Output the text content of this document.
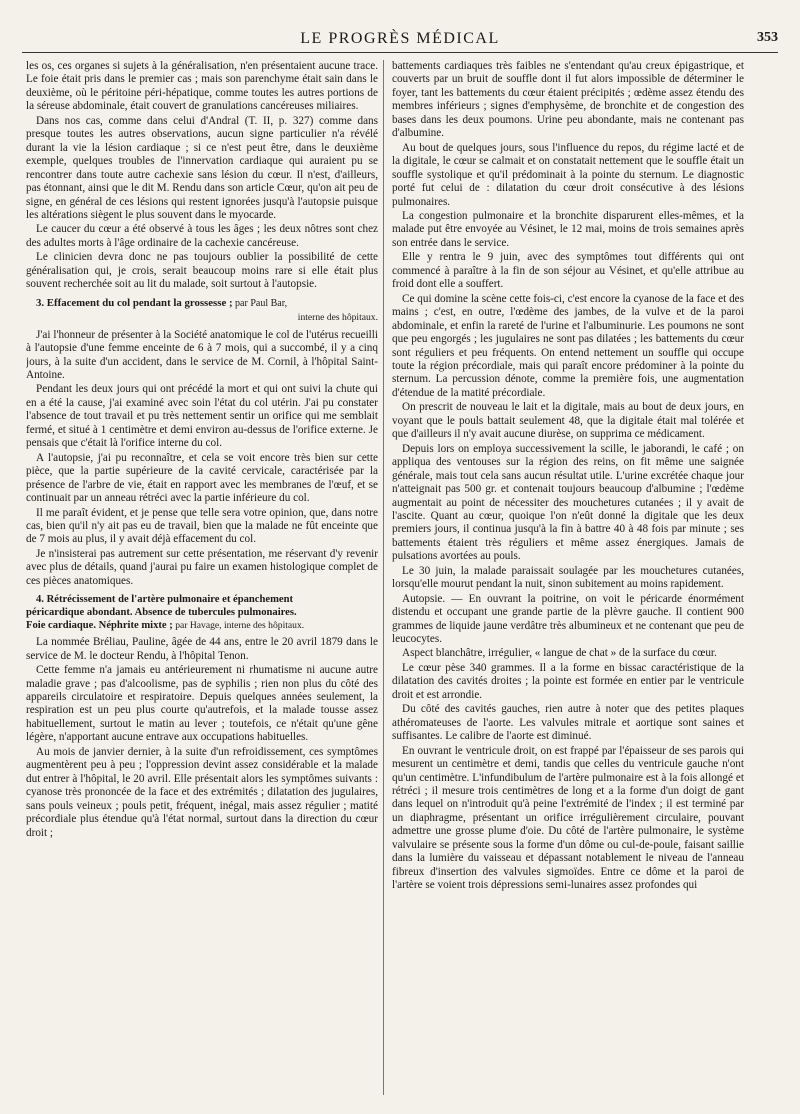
LE PROGRÈS MÉDICAL	353

les os, ces organes si sujets à la généralisation, n'en présentaient aucune trace. Le foie était pris dans le premier cas ; mais son parenchyme était sain dans le deuxième, où le péritoine péri-hépatique, comme toutes les autres portions de la séreuse abdominale, était couvert de granulations cancéreuses miliaires.

Dans nos cas, comme dans celui d'Andral (T. II, p. 327) comme dans presque toutes les autres observations, aucun signe particulier n'a révélé durant la vie la lésion cardiaque ; si ce n'est peut être, dans le deuxième exemple, quelques troubles de l'innervation cardiaque qui auraient pu se rencontrer dans toute autre cachexie sans lésion du cœur. Il n'est, d'ailleurs, pas étonnant, ainsi que le dit M. Rendu dans son article Cœur, qu'on ait peu de signe, en général de ces lésions qui restent ignorées jusqu'à l'autopsie puisque les altérations siègent le plus souvent dans le myocarde.

Le caucer du cœur a été observé à tous les âges ; les deux nôtres sont chez des adultes morts à l'âge ordinaire de la cachexie cancéreuse.

Le clinicien devra donc ne pas toujours oublier la possibilité de cette généralisation qui, je crois, serait beaucoup moins rare si elle était plus souvent recherchée soit au lit du malade, soit surtout à l'autopsie.

3. Effacement du col pendant la grossesse ; par Paul Bar,
interne des hôpitaux.

J'ai l'honneur de présenter à la Société anatomique le col de l'utérus recueilli à l'autopsie d'une femme enceinte de 6 à 7 mois, qui a succombé, il y a cinq jours, à la suite d'un accident, dans le service de M. Cornil, à l'hôpital Saint-Antoine.

Pendant les deux jours qui ont précédé la mort et qui ont suivi la chute qui en a été la cause, j'ai examiné avec soin l'état du col utérin. J'ai pu constater l'absence de tout travail et pu très nettement sentir un orifice qui me semblait fermé, et situé à 1 centimètre et demi environ au-dessus de l'orifice externe. Je pensais que c'était là l'orifice interne du col.

A l'autopsie, j'ai pu reconnaître, et cela se voit encore très bien sur cette pièce, que la partie supérieure de la cavité cervicale, caractérisée par la présence de l'arbre de vie, était en rapport avec les membranes de l'œuf, et se continuait par un anneau rétréci avec la partie inférieure du col.

Il me paraît évident, et je pense que telle sera votre opinion, que, dans notre cas, bien qu'il n'y ait pas eu de travail, bien que la malade ne fût enceinte que de 7 mois au plus, il y avait déjà effacement du col.

Je n'insisterai pas autrement sur cette présentation, me réservant d'y revenir avec plus de détails, quand j'aurai pu faire un examen histologique complet de ces pièces anatomiques.

4. Rétrécissement de l'artère pulmonaire et épanchement
péricardique abondant. Absence de tubercules pulmonaires.
Foie cardiaque. Néphrite mixte ; par Havage, interne des hôpitaux.

La nommée Bréliau, Pauline, âgée de 44 ans, entre le 20 avril 1879 dans le service de M. le docteur Rendu, à l'hôpital Tenon.

Cette femme n'a jamais eu antérieurement ni rhumatisme ni aucune autre maladie grave ; pas d'alcoolisme, pas de syphilis ; rien non plus du côté des appareils circulatoire et respiratoire. Depuis quelques années seulement, la respiration est un peu plus courte qu'autrefois, et la malade tousse assez habituellement, surtout le matin au lever ; toutefois, ce n'était qu'une gêne légère, n'apportant aucune entrave aux occupations habituelles.

Au mois de janvier dernier, à la suite d'un refroidissement, ces symptômes augmentèrent peu à peu ; l'oppression devint assez considérable et la malade dut entrer à l'hôpital, le 20 avril. Elle présentait alors les symptômes suivants : cyanose très prononcée de la face et des extrémités ; dilatation des jugulaires, sans pouls veineux ; pouls petit, fréquent, inégal, mais assez régulier ; matité précordiale plus étendue qu'à l'état normal, surtout dans la direction du cœur droit ;

battements cardiaques très faibles ne s'entendant qu'au creux épigastrique, et couverts par un bruit de souffle dont il fut alors impossible de déterminer le foyer, tant les battements du cœur étaient précipités ; œdème assez étendu des membres inférieurs ; signes d'emphysème, de bronchite et de congestion des bases dans les deux poumons. Urine peu abondante, mais ne contenant pas d'albumine.

Au bout de quelques jours, sous l'influence du repos, du régime lacté et de la digitale, le cœur se calmait et on constatait nettement que le souffle était un souffle systolique et qu'il prédominait à la pointe du sternum. Le diagnostic porté fut celui de : dilatation du cœur droit consécutive à des lésions pulmonaires.

La congestion pulmonaire et la bronchite disparurent elles-mêmes, et la malade put être envoyée au Vésinet, le 12 mai, moins de trois semaines après son entrée dans le service.

Elle y rentra le 9 juin, avec des symptômes tout différents qui ont commencé à paraître à la fin de son séjour au Vésinet, et qu'elle attribue au froid dont elle a souffert.

Ce qui domine la scène cette fois-ci, c'est encore la cyanose de la face et des mains ; c'est, en outre, l'œdème des jambes, de la vulve et de la paroi abdominale, et enfin la rareté de l'urine et l'albuminurie. Les poumons ne sont que peu engorgés ; les jugulaires ne sont pas dilatées ; les battements du cœur sont réguliers et peu fréquents. On entend nettement un souffle qui occupe toute la région précordiale, mais qui paraît encore prédominer à la pointe du sternum. La percussion dénote, comme la première fois, une augmentation d'étendue de la matité précordiale.

On prescrit de nouveau le lait et la digitale, mais au bout de deux jours, en voyant que le pouls battait seulement 48, que la digitale était mal tolérée et que d'ailleurs il n'y avait aucune diurèse, on supprima ce médicament.

Depuis lors on employa successivement la scille, le jaborandi, le café ; on appliqua des ventouses sur la région des reins, on fit même une saignée générale, mais tout cela sans aucun résultat utile. L'urine excrétée chaque jour n'atteignait pas 500 gr. et contenait toujours beaucoup d'albumine ; l'œdème augmentait au point de nécessiter des mouchetures cutanées ; il y avait de l'ascite. Quant au cœur, quoique l'on n'eût donné la digitale que les deux premiers jours, il continua jusqu'à la fin à battre 40 à 48 fois par minute ; ses battements étaient très réguliers et même assez énergiques. Jamais de pulsations avortées au pouls.

Le 30 juin, la malade paraissait soulagée par les mouchetures cutanées, lorsqu'elle mourut pendant la nuit, sinon subitement au moins rapidement.

Autopsie. — En ouvrant la poitrine, on voit le péricarde énormément distendu et occupant une grande partie de la plèvre gauche. Il contient 900 grammes de liquide jaune verdâtre très albumineux et ne contenant que peu de leucocytes.

Aspect blanchâtre, irrégulier, « langue de chat » de la surface du cœur.

Le cœur pèse 340 grammes. Il a la forme en bissac caractéristique de la dilatation des cavités droites ; la pointe est formée en entier par le ventricule droit et est arrondie.

Du côté des cavités gauches, rien autre à noter que des petites plaques athéromateuses de l'aorte. Les valvules mitrale et aortique sont saines et suffisantes. Le calibre de l'aorte est diminué.

En ouvrant le ventricule droit, on est frappé par l'épaisseur de ses parois qui mesurent un centimètre et demi, tandis que celles du ventricule gauche n'ont qu'un centimètre. L'infundibulum de l'artère pulmonaire est à la fois allongé et rétréci ; il mesure trois centimètres de long et a la forme d'un doigt de gant dans lequel on n'introduit qu'à peine l'extrémité de l'index ; il est terminé par un diaphragme, présentant un orifice irrégulièrement circulaire, pouvant admettre une grosse plume d'oie. Du côté de l'artère pulmonaire, le système valvulaire se présente sous la forme d'un dôme ou cul-de-poule, faisant saillie dans la lumière du vaisseau et dépassant notablement le niveau de l'anneau fibreux d'insertion des valvules sigmoïdes. Entre ce dôme et la paroi de l'artère se voient trois dépressions semi-lunaires assez profondes qui
